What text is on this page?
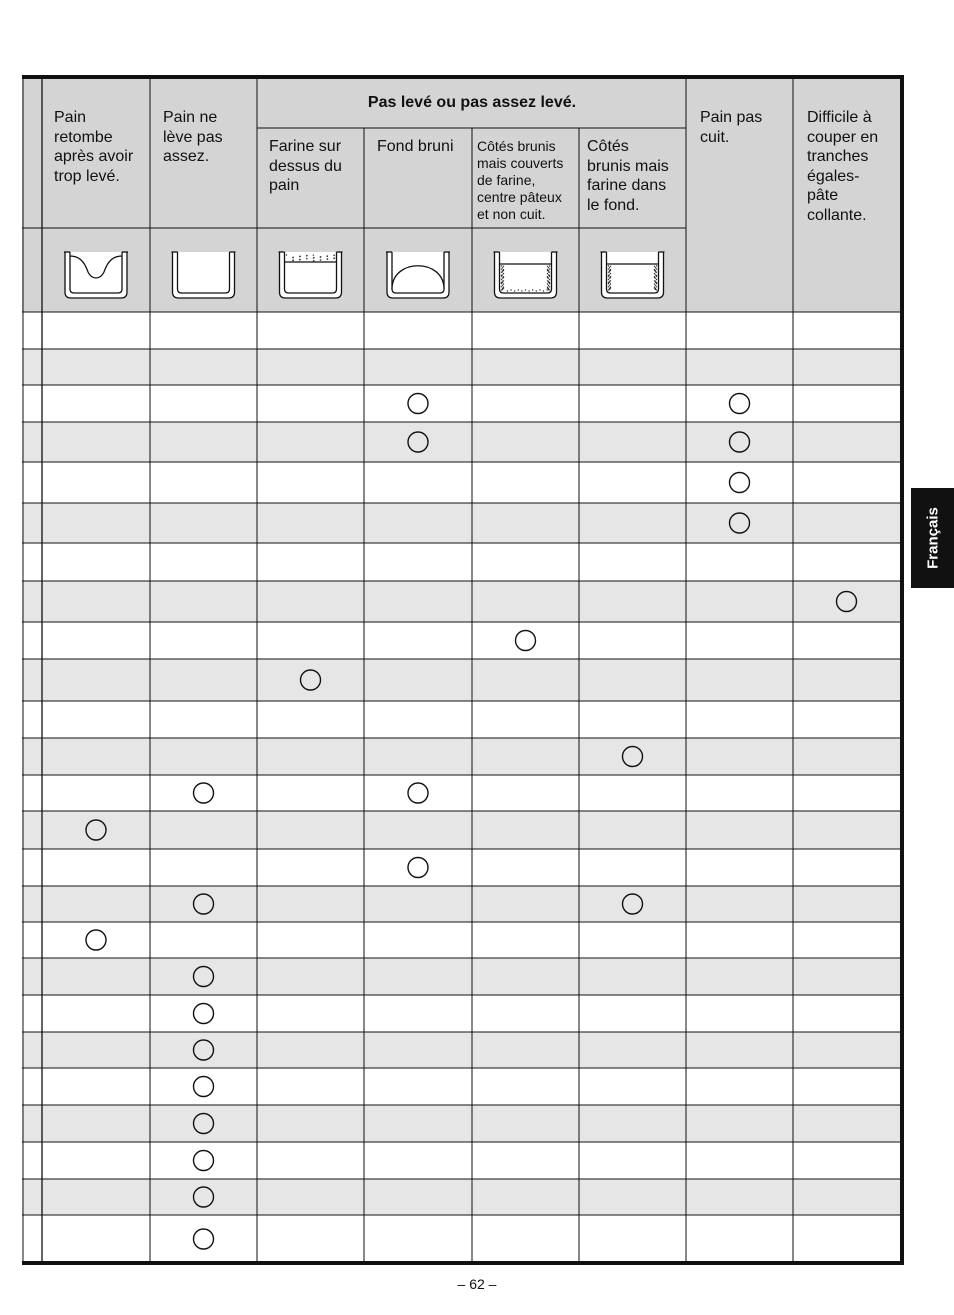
Pain
retombe
après avoir
trop levé.
Pain ne
lève pas
assez.
Farine sur
dessus du
pain
Fond bruni Côtés brunis
mais couverts
de farine,
centre pâteux
et non cuit.
Côtés
brunis mais
farine dans
le fond.
Pain pas
cuit.
Difficile à
couper en
tranches
égales-
pâte
collante.
Pas levé ou pas assez levé.
Français
– 62 –
